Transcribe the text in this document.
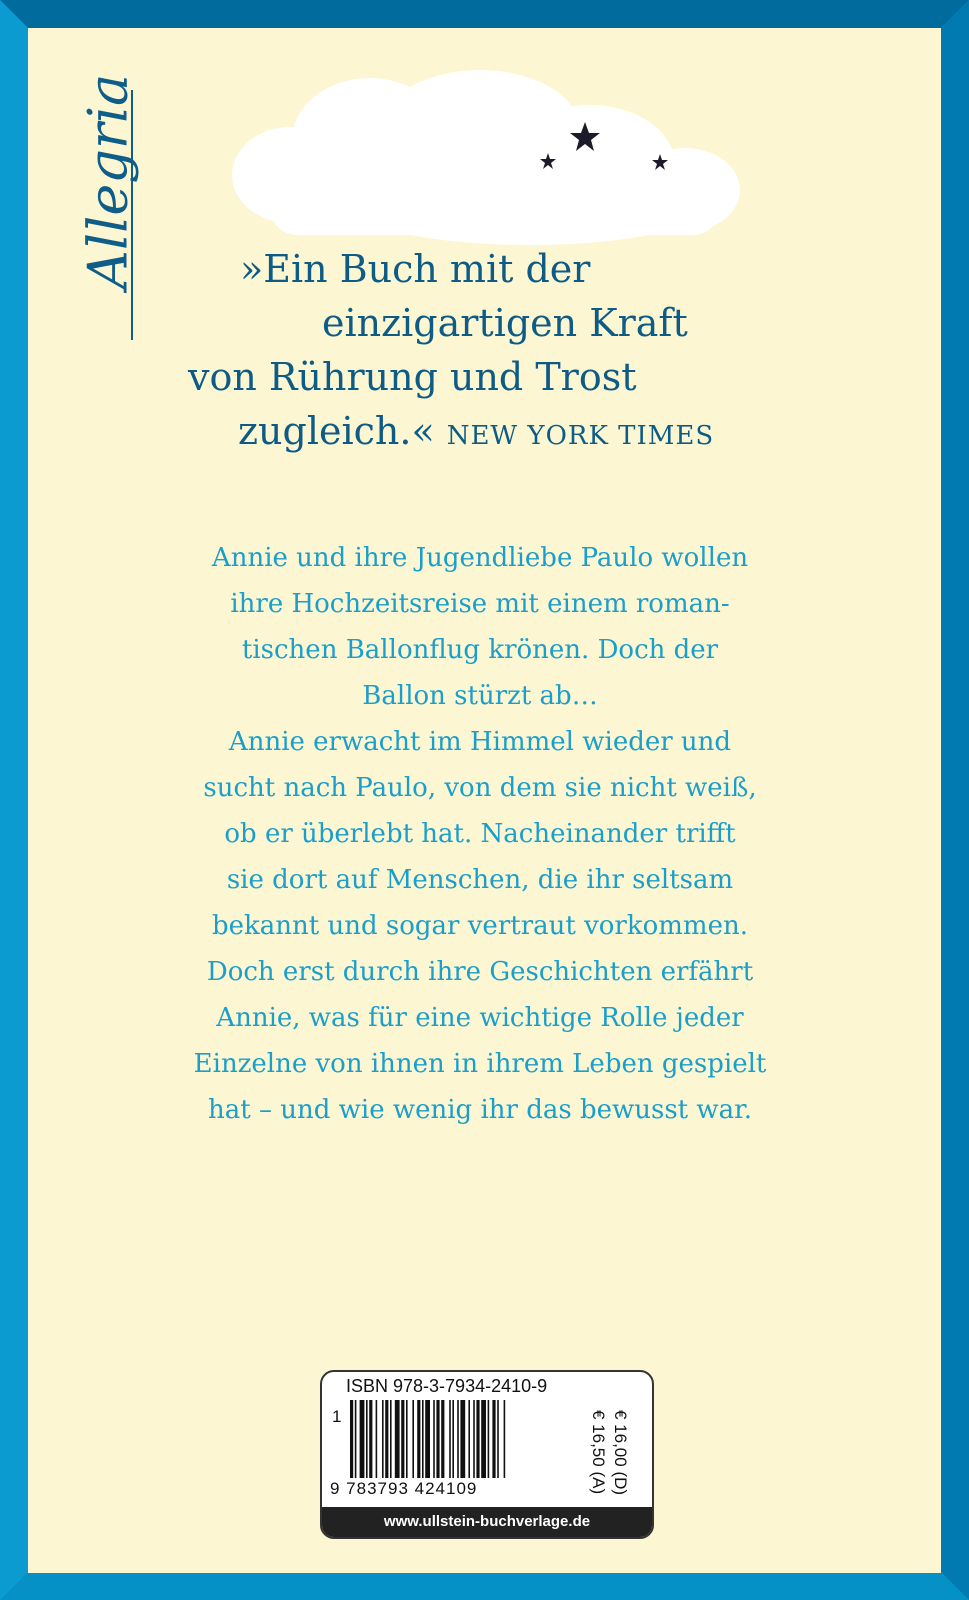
Allegria	»Ein Buch mit der
einzigartigen Kraft
von Rührung und Trost
zugleich.« NEW YORK TIMES
Annie und ihre Jugendliebe Paulo wollen
ihre Hochzeitsreise mit einem roman-
tischen Ballonflug krönen. Doch der
Ballon stürzt ab…
Annie erwacht im Himmel wieder und
sucht nach Paulo, von dem sie nicht weiß,
ob er überlebt hat. Nacheinander trifft
sie dort auf Menschen, die ihr seltsam
bekannt und sogar vertraut vorkommen.
Doch erst durch ihre Geschichten erfährt
Annie, was für eine wichtige Rolle jeder
Einzelne von ihnen in ihrem Leben gespielt
hat – und wie wenig ihr das bewusst war.
ISBN 978-3-7934-2410-9
1
9 783793 424109	€ 16,00 (D)
€ 16,50 (A)
www.ullstein-buchverlage.de
